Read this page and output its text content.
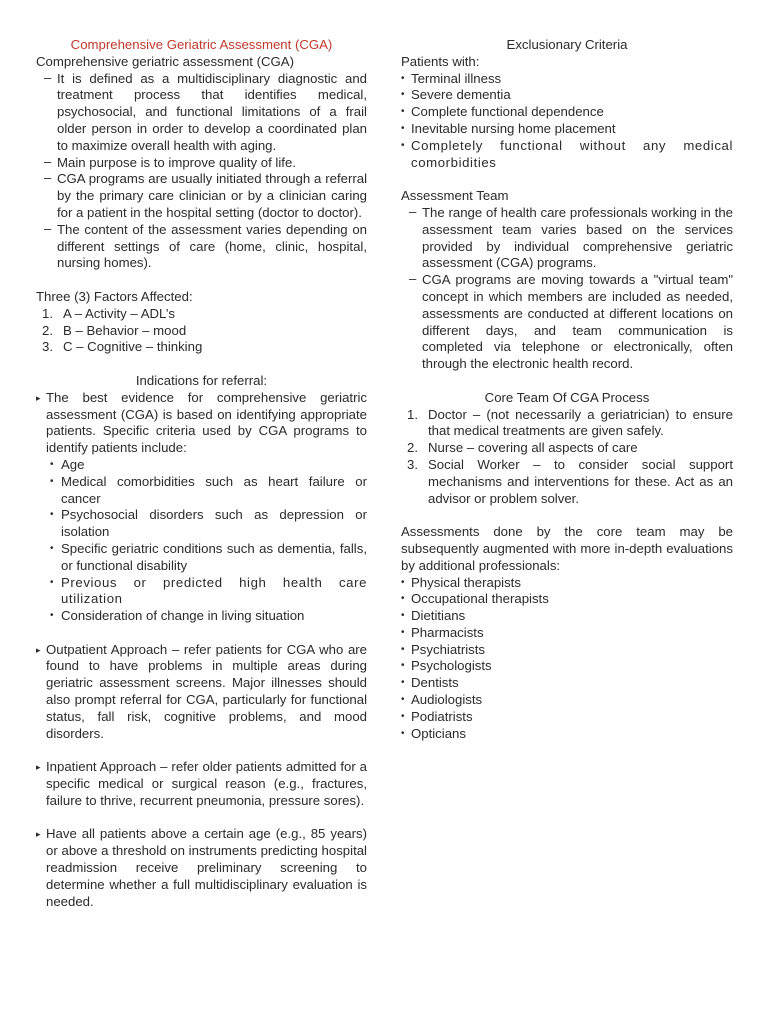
Comprehensive Geriatric Assessment (CGA)
Comprehensive geriatric assessment (CGA)
– It is defined as a multidisciplinary diagnostic and treatment process that identifies medical, psychosocial, and functional limitations of a frail older person in order to develop a coordinated plan to maximize overall health with aging.
– Main purpose is to improve quality of life.
– CGA programs are usually initiated through a referral by the primary care clinician or by a clinician caring for a patient in the hospital setting (doctor to doctor).
– The content of the assessment varies depending on different settings of care (home, clinic, hospital, nursing homes).
Three (3) Factors Affected:
1. A – Activity – ADL’s
2. B – Behavior – mood
3. C – Cognitive – thinking
Indications for referral:
▸ The best evidence for comprehensive geriatric assessment (CGA) is based on identifying appropriate patients. Specific criteria used by CGA programs to identify patients include:
• Age
• Medical comorbidities such as heart failure or cancer
• Psychosocial disorders such as depression or isolation
• Specific geriatric conditions such as dementia, falls, or functional disability
• Previous or predicted high health care utilization
• Consideration of change in living situation
▸ Outpatient Approach – refer patients for CGA who are found to have problems in multiple areas during geriatric assessment screens. Major illnesses should also prompt referral for CGA, particularly for functional status, fall risk, cognitive problems, and mood disorders.
▸ Inpatient Approach – refer older patients admitted for a specific medical or surgical reason (e.g., fractures, failure to thrive, recurrent pneumonia, pressure sores).
▸ Have all patients above a certain age (e.g., 85 years) or above a threshold on instruments predicting hospital readmission receive preliminary screening to determine whether a full multidisciplinary evaluation is needed.
Exclusionary Criteria
Patients with:
• Terminal illness
• Severe dementia
• Complete functional dependence
• Inevitable nursing home placement
• Completely functional without any medical comorbidities
Assessment Team
– The range of health care professionals working in the assessment team varies based on the services provided by individual comprehensive geriatric assessment (CGA) programs.
– CGA programs are moving towards a "virtual team" concept in which members are included as needed, assessments are conducted at different locations on different days, and team communication is completed via telephone or electronically, often through the electronic health record.
Core Team Of CGA Process
1. Doctor – (not necessarily a geriatrician) to ensure that medical treatments are given safely.
2. Nurse – covering all aspects of care
3. Social Worker – to consider social support mechanisms and interventions for these. Act as an advisor or problem solver.
Assessments done by the core team may be subsequently augmented with more in-depth evaluations by additional professionals:
• Physical therapists
• Occupational therapists
• Dietitians
• Pharmacists
• Psychiatrists
• Psychologists
• Dentists
• Audiologists
• Podiatrists
• Opticians
